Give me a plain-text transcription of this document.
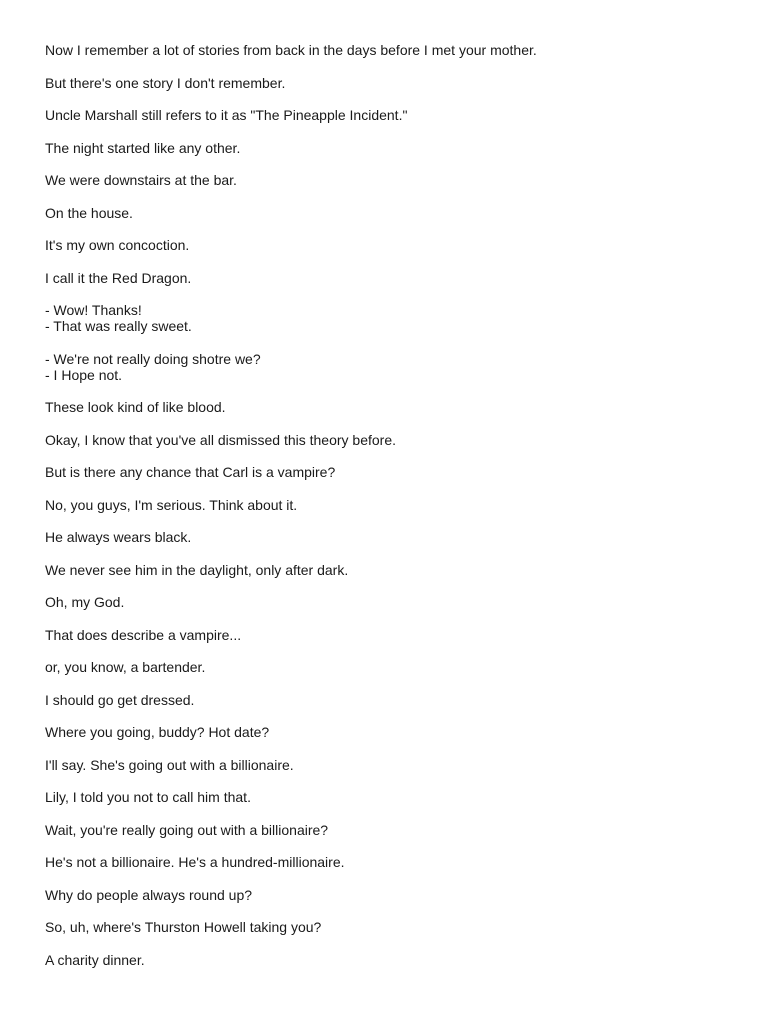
Now I remember a lot of stories from back in the days before I met your mother.
But there's one story I don't remember.
Uncle Marshall still refers to it as "The Pineapple Incident."
The night started like any other.
We were downstairs at the bar.
On the house.
It's my own concoction.
I call it the Red Dragon.
- Wow! Thanks!
- That was really sweet.
- We're not really doing shotre we?
- I Hope not.
These look kind of like blood.
Okay, I know that you've all dismissed this theory before.
But is there any chance that Carl is a vampire?
No, you guys, I'm serious. Think about it.
He always wears black.
We never see him in the daylight, only after dark.
Oh, my God.
That does describe a vampire...
or, you know, a bartender.
I should go get dressed.
Where you going, buddy? Hot date?
I'll say. She's going out with a billionaire.
Lily, I told you not to call him that.
Wait, you're really going out with a billionaire?
He's not a billionaire. He's a hundred-millionaire.
Why do people always round up?
So, uh, where's Thurston Howell taking you?
A charity dinner.
